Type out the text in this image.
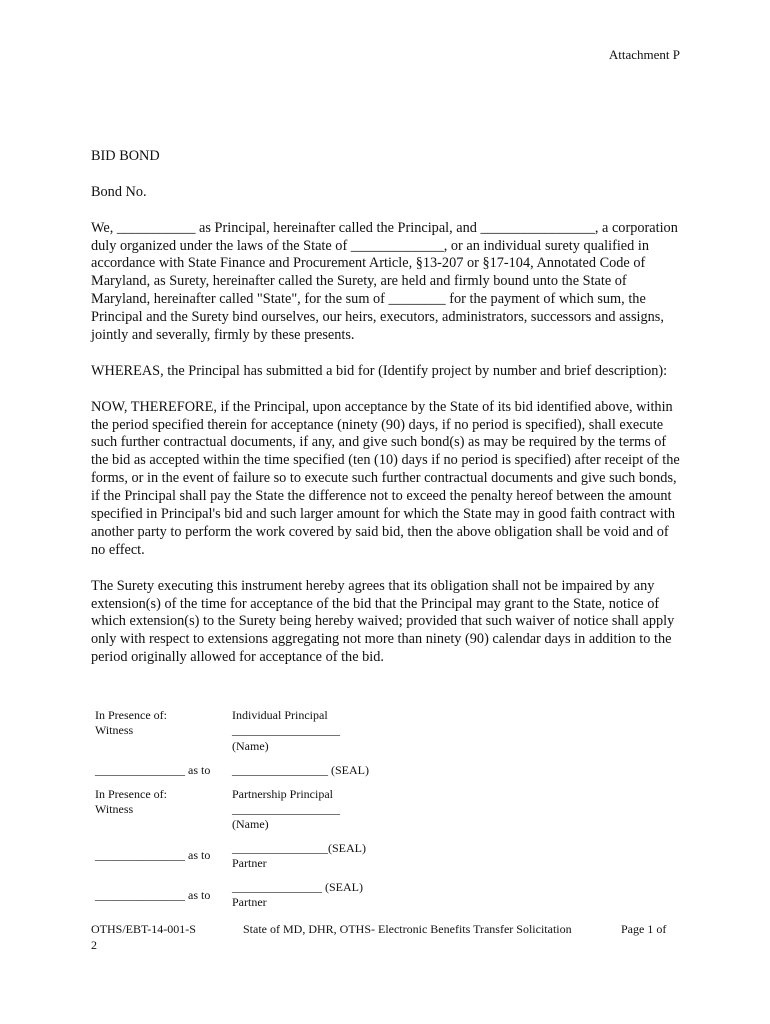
Attachment P

BID BOND

Bond No.

We, ___________ as Principal, hereinafter called the Principal, and ________________, a corporation duly organized under the laws of the State of _____________, or an individual surety qualified in accordance with State Finance and Procurement Article, §13-207 or §17-104, Annotated Code of Maryland, as Surety, hereinafter called the Surety, are held and firmly bound unto the State of Maryland, hereinafter called "State", for the sum of ________ for the payment of which sum, the Principal and the Surety bind ourselves, our heirs, executors, administrators, successors and assigns, jointly and severally, firmly by these presents.

WHEREAS, the Principal has submitted a bid for (Identify project by number and brief description):

NOW, THEREFORE, if the Principal, upon acceptance by the State of its bid identified above, within the period specified therein for acceptance (ninety (90) days, if no period is specified), shall execute such further contractual documents, if any, and give such bond(s) as may be required by the terms of the bid as accepted within the time specified (ten (10) days if no period is specified) after receipt of the forms, or in the event of failure so to execute such further contractual documents and give such bonds, if the Principal shall pay the State the difference not to exceed the penalty hereof between the amount specified in Principal's bid and such larger amount for which the State may in good faith contract with another party to perform the work covered by said bid, then the above obligation shall be void and of no effect.

The Surety executing this instrument hereby agrees that its obligation shall not be impaired by any extension(s) of the time for acceptance of the bid that the Principal may grant to the State, notice of which extension(s) to the Surety being hereby waived; provided that such waiver of notice shall apply only with respect to extensions aggregating not more than ninety (90) calendar days in addition to the period originally allowed for acceptance of the bid.

In Presence of:
Witness
Individual Principal
__________________
(Name)
_______________ as to ________________ (SEAL)
In Presence of:
Witness
Partnership Principal
__________________
(Name)
_______________ as to ________________(SEAL)
Partner
_______________ as to
_______________ (SEAL)
Partner
OTHS/EBT-14-001-S
2
State of MD, DHR, OTHS- Electronic Benefits Transfer Solicitation	Page 1 of
